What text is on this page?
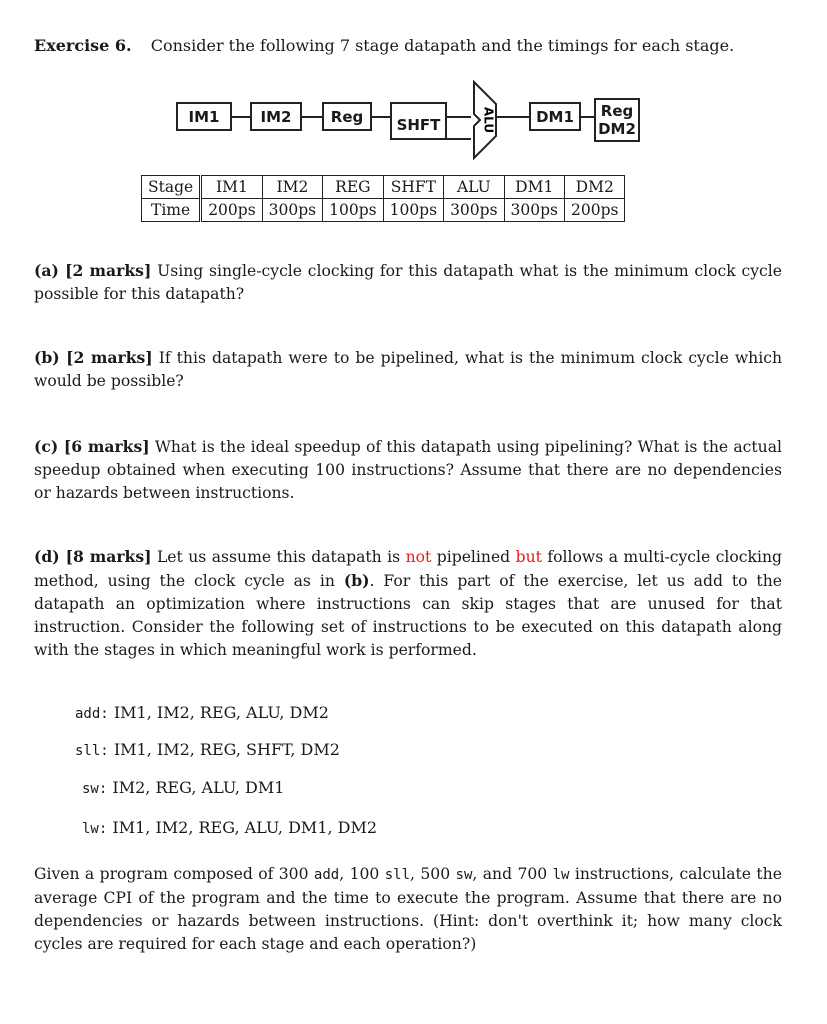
Exercise 6. Consider the following 7 stage datapath and the timings for each stage.
IM1	IM2	Reg SHFT	ALU	DM1 Reg
DM2
Stage	IM1	IM2	REG	SHFT	ALU	DM1	DM2
Time	200ps	300ps	100ps	100ps	300ps	300ps	200ps
(a) [2 marks] Using single-cycle clocking for this datapath what is the minimum clock cycle possible for this datapath?
(b) [2 marks] If this datapath were to be pipelined, what is the minimum clock cycle which would be possible?
(c) [6 marks] What is the ideal speedup of this datapath using pipelining? What is the actual speedup obtained when executing 100 instructions? Assume that there are no dependencies or hazards between instructions.
(d) [8 marks] Let us assume this datapath is not pipelined but follows a multi-cycle clocking method, using the clock cycle as in (b). For this part of the exercise, let us add to the datapath an optimization where instructions can skip stages that are unused for that instruction. Consider the following set of instructions to be executed on this datapath along with the stages in which meaningful work is performed.
add: IM1, IM2, REG, ALU, DM2
sll: IM1, IM2, REG, SHFT, DM2
sw: IM2, REG, ALU, DM1
lw: IM1, IM2, REG, ALU, DM1, DM2
Given a program composed of 300 add, 100 sll, 500 sw, and 700 lw instructions, calculate the average CPI of the program and the time to execute the program. Assume that there are no dependencies or hazards between instructions. (Hint: don't overthink it; how many clock cycles are required for each stage and each operation?)
